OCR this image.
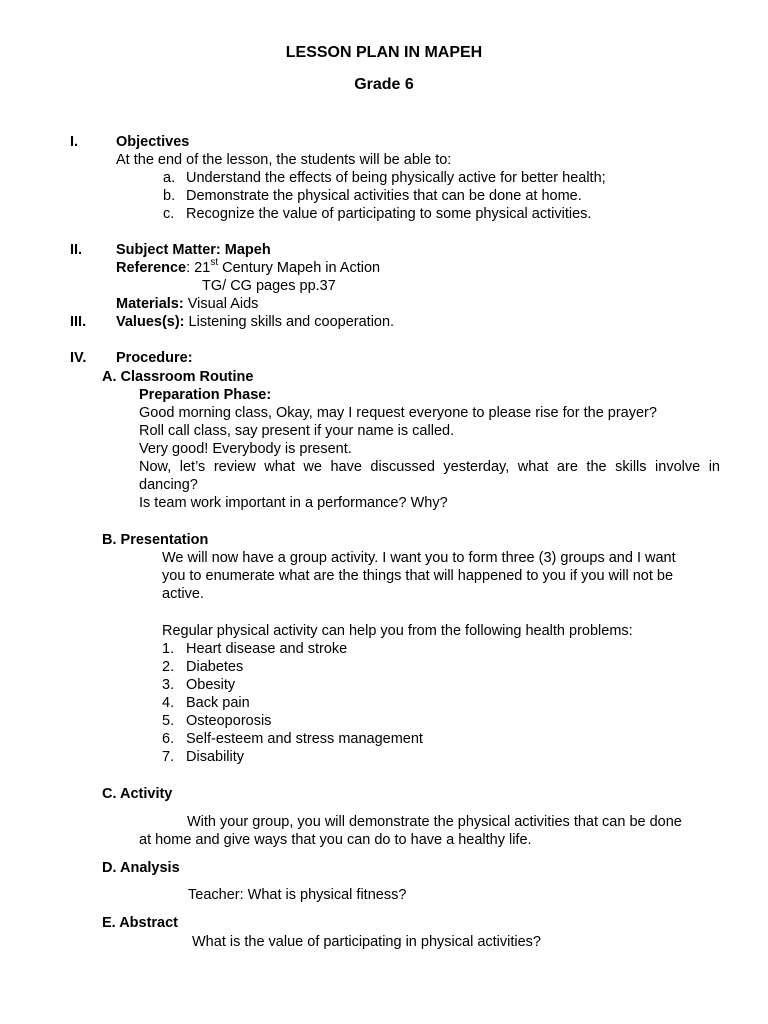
LESSON PLAN IN MAPEH
Grade 6
I.	Objectives
At the end of the lesson, the students will be able to:
a. Understand the effects of being physically active for better health;
b. Demonstrate the physical activities that can be done at home.
c. Recognize the value of participating to some physical activities.
II. Subject Matter: Mapeh
Reference: 21st Century Mapeh in Action
TG/ CG pages pp.37
Materials: Visual Aids
III. Values(s): Listening skills and cooperation.
IV. Procedure:
A. Classroom Routine
Preparation Phase:
Good morning class, Okay, may I request everyone to please rise for the prayer?
Roll call class, say present if your name is called.
Very good! Everybody is present.
Now, let’s review what we have discussed yesterday, what are the skills involve in
dancing?
Is team work important in a performance? Why?
B. Presentation
We will now have a group activity. I want you to form three (3) groups and I want
you to enumerate what are the things that will happened to you if you will not be
active.
Regular physical activity can help you from the following health problems:
1. Heart disease and stroke
2. Diabetes
3. Obesity
4. Back pain
5. Osteoporosis
6. Self-esteem and stress management
7. Disability
C. Activity
With your group, you will demonstrate the physical activities that can be done
at home and give ways that you can do to have a healthy life.
D. Analysis
Teacher: What is physical fitness?
E. Abstract
What is the value of participating in physical activities?
